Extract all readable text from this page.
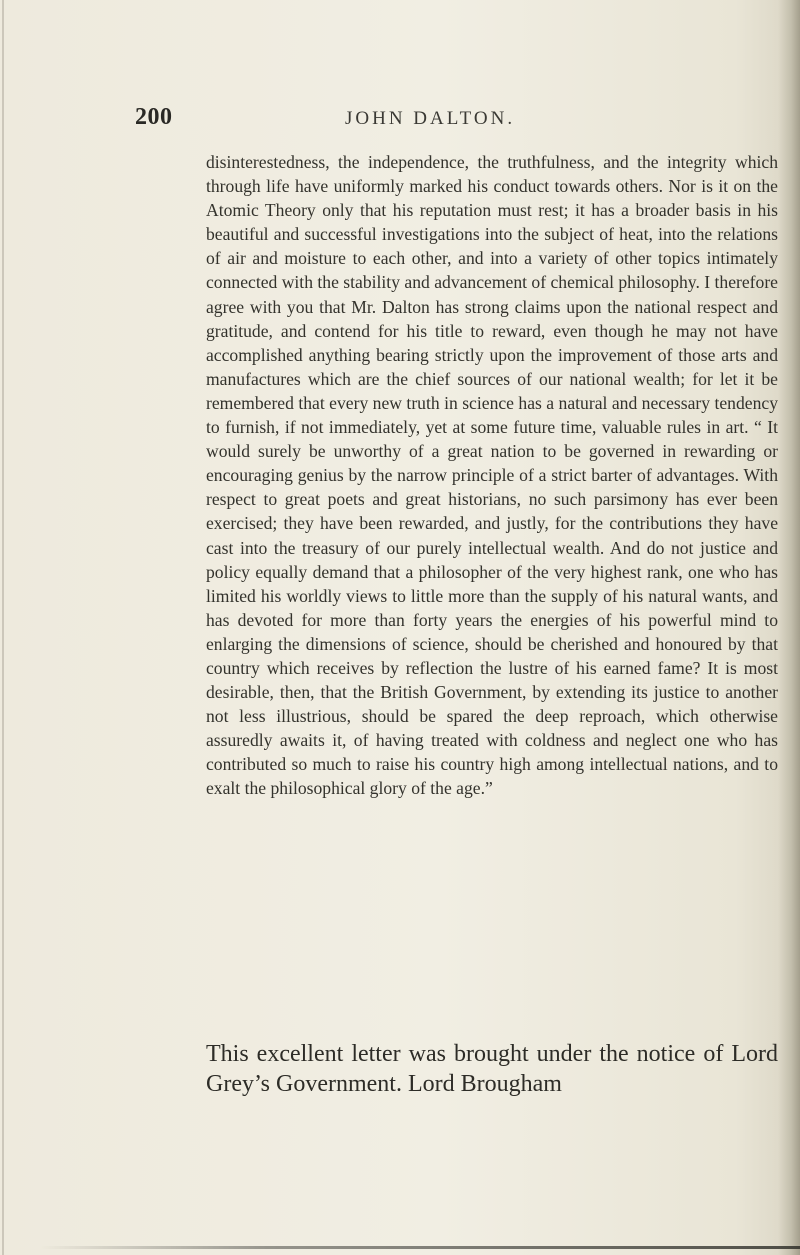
200	JOHN DALTON.

disinterestedness, the independence, the truthfulness, and the integrity which through life have uniformly marked his conduct towards others. Nor is it on the Atomic Theory only that his reputation must rest; it has a broader basis in his beautiful and successful investigations into the subject of heat, into the relations of air and moisture to each other, and into a variety of other topics intimately connected with the stability and advancement of chemical philosophy. I therefore agree with you that Mr. Dalton has strong claims upon the national respect and gratitude, and contend for his title to reward, even though he may not have accomplished anything bearing strictly upon the improvement of those arts and manufactures which are the chief sources of our national wealth; for let it be remembered that every new truth in science has a natural and necessary tendency to furnish, if not immediately, yet at some future time, valuable rules in art. “ It would surely be unworthy of a great nation to be governed in rewarding or encouraging genius by the narrow principle of a strict barter of advantages. With respect to great poets and great historians, no such parsimony has ever been exercised; they have been rewarded, and justly, for the contributions they have cast into the treasury of our purely intellectual wealth. And do not justice and policy equally demand that a philosopher of the very highest rank, one who has limited his worldly views to little more than the supply of his natural wants, and has devoted for more than forty years the energies of his powerful mind to enlarging the dimensions of science, should be cherished and honoured by that country which receives by reflection the lustre of his earned fame? It is most desirable, then, that the British Government, by extending its justice to another not less illustrious, should be spared the deep reproach, which otherwise assuredly awaits it, of having treated with coldness and neglect one who has contributed so much to raise his country high among intellectual nations, and to exalt the philosophical glory of the age.”

This excellent letter was brought under the notice of Lord Grey’s Government. Lord Brougham
